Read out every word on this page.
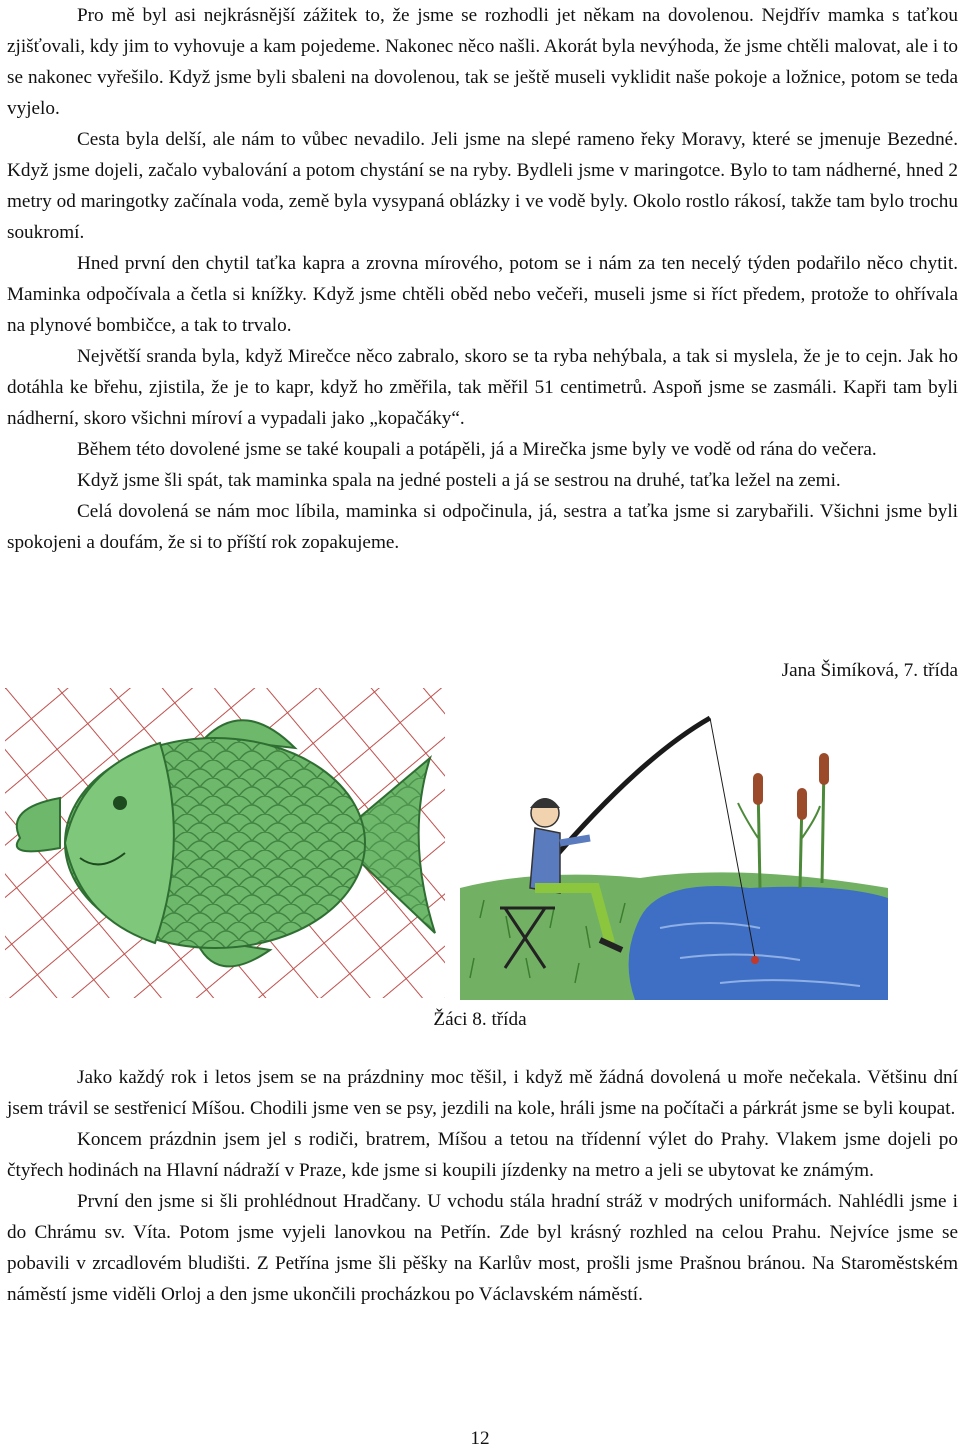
Pro mě byl asi nejkrásnější zážitek to, že jsme se rozhodli jet někam na dovolenou. Nejdřív mamka s taťkou zjišťovali, kdy jim to vyhovuje a kam pojedeme. Nakonec něco našli. Akorát byla nevýhoda, že jsme chtěli malovat, ale i to se nakonec vyřešilo. Když jsme byli sbaleni na dovolenou, tak se ještě museli vyklidit naše pokoje a ložnice, potom se teda vyjelo.

Cesta byla delší, ale nám to vůbec nevadilo. Jeli jsme na slepé rameno řeky Moravy, které se jmenuje Bezedné. Když jsme dojeli, začalo vybalování a potom chystání se na ryby. Bydleli jsme v maringotce. Bylo to tam nádherné, hned 2 metry od maringotky začínala voda, země byla vysypaná oblázky i ve vodě byly. Okolo rostlo rákosí, takže tam bylo trochu soukromí.

Hned první den chytil taťka kapra a zrovna mírového, potom se i nám za ten necelý týden podařilo něco chytit. Maminka odpočívala a četla si knížky. Když jsme chtěli oběd nebo večeři, museli jsme si říct předem, protože to ohřívala na plynové bombičce, a tak to trvalo.

Největší sranda byla, když Mirečce něco zabralo, skoro se ta ryba nehýbala, a tak si myslela, že je to cejn. Jak ho dotáhla ke břehu, zjistila, že je to kapr, když ho změřila, tak měřil 51 centimetrů. Aspoň jsme se zasmáli. Kapři tam byli nádherní, skoro všichni míroví a vypadali jako „kopačáky“.

Během této dovolené jsme se také koupali a potápěli, já a Mirečka jsme byly ve vodě od rána do večera.

Když jsme šli spát, tak maminka spala na jedné posteli a já se sestrou na druhé, taťka ležel na zemi.

Celá dovolená se nám moc líbila, maminka si odpočinula, já, sestra a taťka jsme si zarybařili. Všichni jsme byli spokojeni a doufám, že si to příští rok zopakujeme.

Jana Šimíková, 7. třída
Žáci 8. třída

Jako každý rok i letos jsem se na prázdniny moc těšil, i když mě žádná dovolená u moře nečekala. Většinu dní jsem trávil se sestřenicí Míšou. Chodili jsme ven se psy, jezdili na kole, hráli jsme na počítači a párkrát jsme se byli koupat.

Koncem prázdnin jsem jel s rodiči, bratrem, Míšou a tetou na třídenní výlet do Prahy. Vlakem jsme dojeli po čtyřech hodinách na Hlavní nádraží v Praze, kde jsme si koupili jízdenky na metro a jeli se ubytovat ke známým.

První den jsme si šli prohlédnout Hradčany. U vchodu stála hradní stráž v modrých uniformách. Nahlédli jsme i do Chrámu sv. Víta. Potom jsme vyjeli lanovkou na Petřín. Zde byl krásný rozhled na celou Prahu. Nejvíce jsme se pobavili v zrcadlovém bludišti. Z Petřína jsme šli pěšky na Karlův most, prošli jsme Prašnou bránou. Na Staroměstském náměstí jsme viděli Orloj a den jsme ukončili procházkou po Václavském náměstí.

12
